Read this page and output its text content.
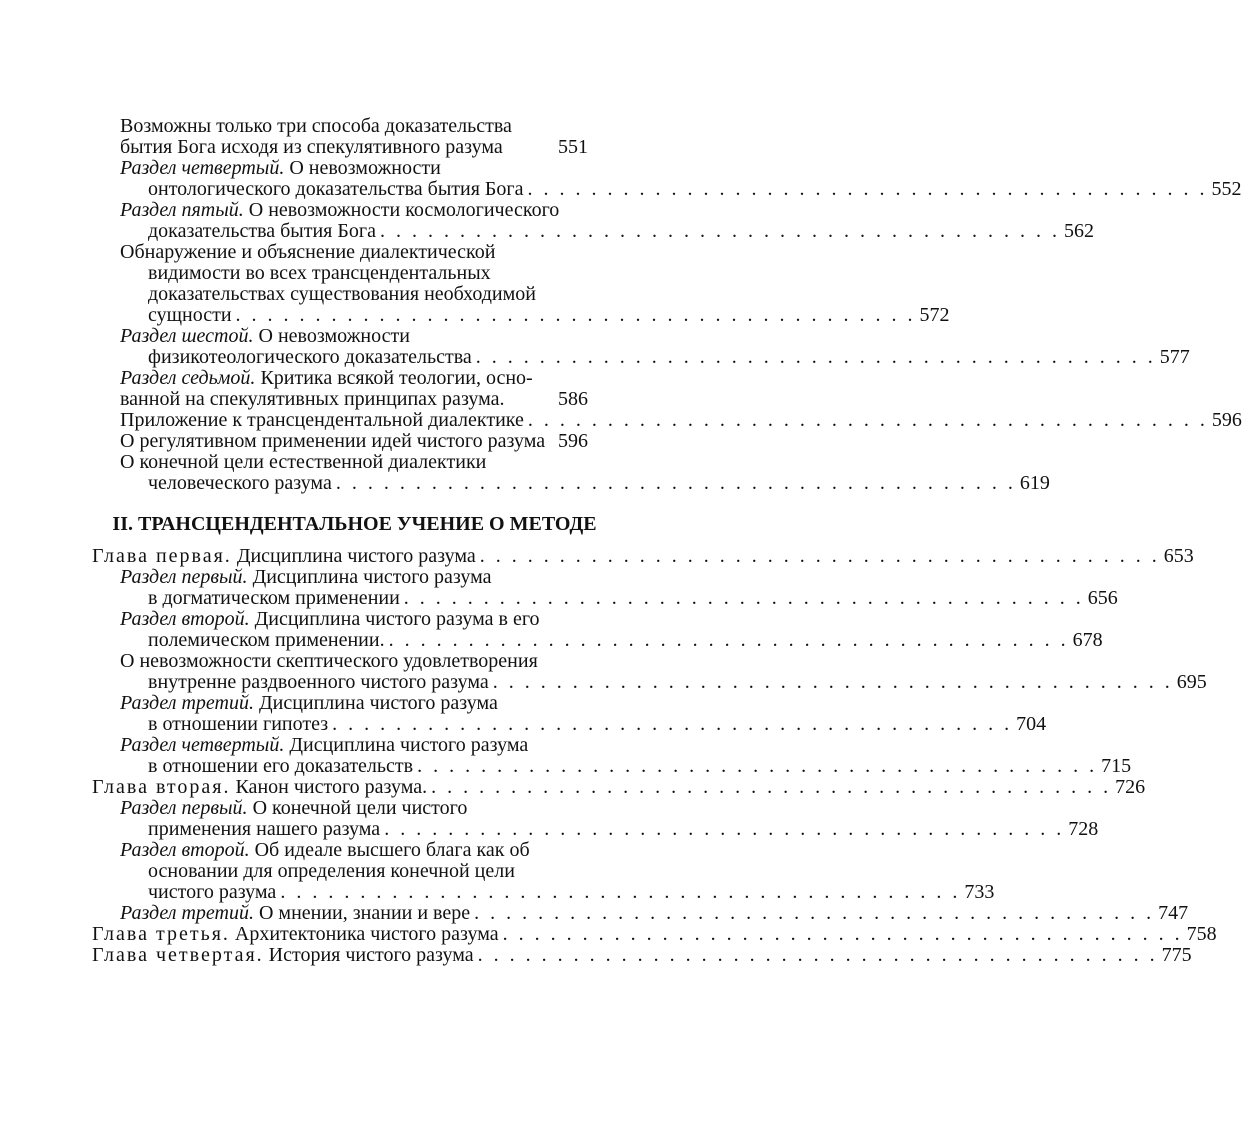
Возможны только три способа доказательства
бытия Бога исходя из спекулятивного разума	551
Раздел четвертый. О невозможности
онтологического доказательства бытия Бога . . . . . . . . . . . . . . . . . . . . . . . . . . . . . . . . . . . . . . . . . . . 552
Раздел пятый. О невозможности космологического
доказательства бытия Бога . . . . . . . . . . . . . . . . . . . . . . . . . . . . . . . . . . . . . . . . . . . 562
Обнаружение и объяснение диалектической
видимости во всех трансцендентальных
доказательствах существования необходимой
сущности . . . . . . . . . . . . . . . . . . . . . . . . . . . . . . . . . . . . . . . . . . . 572
Раздел шестой. О невозможности
физикотеологического доказательства . . . . . . . . . . . . . . . . . . . . . . . . . . . . . . . . . . . . . . . . . . . 577
Раздел седьмой. Критика всякой теологии, осно-
ванной на спекулятивных принципах разума.	586
Приложение к трансцендентальной диалектике . . . . . . . . . . . . . . . . . . . . . . . . . . . . . . . . . . . . . . . . . . . 596
О регулятивном применении идей чистого разума 596
О конечной цели естественной диалектики
человеческого разума . . . . . . . . . . . . . . . . . . . . . . . . . . . . . . . . . . . . . . . . . . . 619
Глава первая. Дисциплина чистого разума . . . . . . . . . . . . . . . . . . . . . . . . . . . . . . . . . . . . . . . . . . . 653
Раздел первый. Дисциплина чистого разума
в догматическом применении . . . . . . . . . . . . . . . . . . . . . . . . . . . . . . . . . . . . . . . . . . . 656
Раздел второй. Дисциплина чистого разума в его
полемическом применении. . . . . . . . . . . . . . . . . . . . . . . . . . . . . . . . . . . . . . . . . . . . 678
О невозможности скептического удовлетворения
внутренне раздвоенного чистого разума . . . . . . . . . . . . . . . . . . . . . . . . . . . . . . . . . . . . . . . . . . . 695
Раздел третий. Дисциплина чистого разума
в отношении гипотез . . . . . . . . . . . . . . . . . . . . . . . . . . . . . . . . . . . . . . . . . . . 704
Раздел четвертый. Дисциплина чистого разума
в отношении его доказательств . . . . . . . . . . . . . . . . . . . . . . . . . . . . . . . . . . . . . . . . . . . 715
Глава вторая. Канон чистого разума. . . . . . . . . . . . . . . . . . . . . . . . . . . . . . . . . . . . . . . . . . . . 726
Раздел первый. О конечной цели чистого
применения нашего разума . . . . . . . . . . . . . . . . . . . . . . . . . . . . . . . . . . . . . . . . . . . 728
Раздел второй. Об идеале высшего блага как об
основании для определения конечной цели
чистого разума . . . . . . . . . . . . . . . . . . . . . . . . . . . . . . . . . . . . . . . . . . . 733
Раздел третий. О мнении, знании и вере . . . . . . . . . . . . . . . . . . . . . . . . . . . . . . . . . . . . . . . . . . . 747
Глава третья. Архитектоника чистого разума . . . . . . . . . . . . . . . . . . . . . . . . . . . . . . . . . . . . . . . . . . . 758
Глава четвертая. История чистого разума . . . . . . . . . . . . . . . . . . . . . . . . . . . . . . . . . . . . . . . . . . . 775
II. ТРАНСЦЕНДЕНТАЛЬНОЕ УЧЕНИЕ О МЕТОДЕ
